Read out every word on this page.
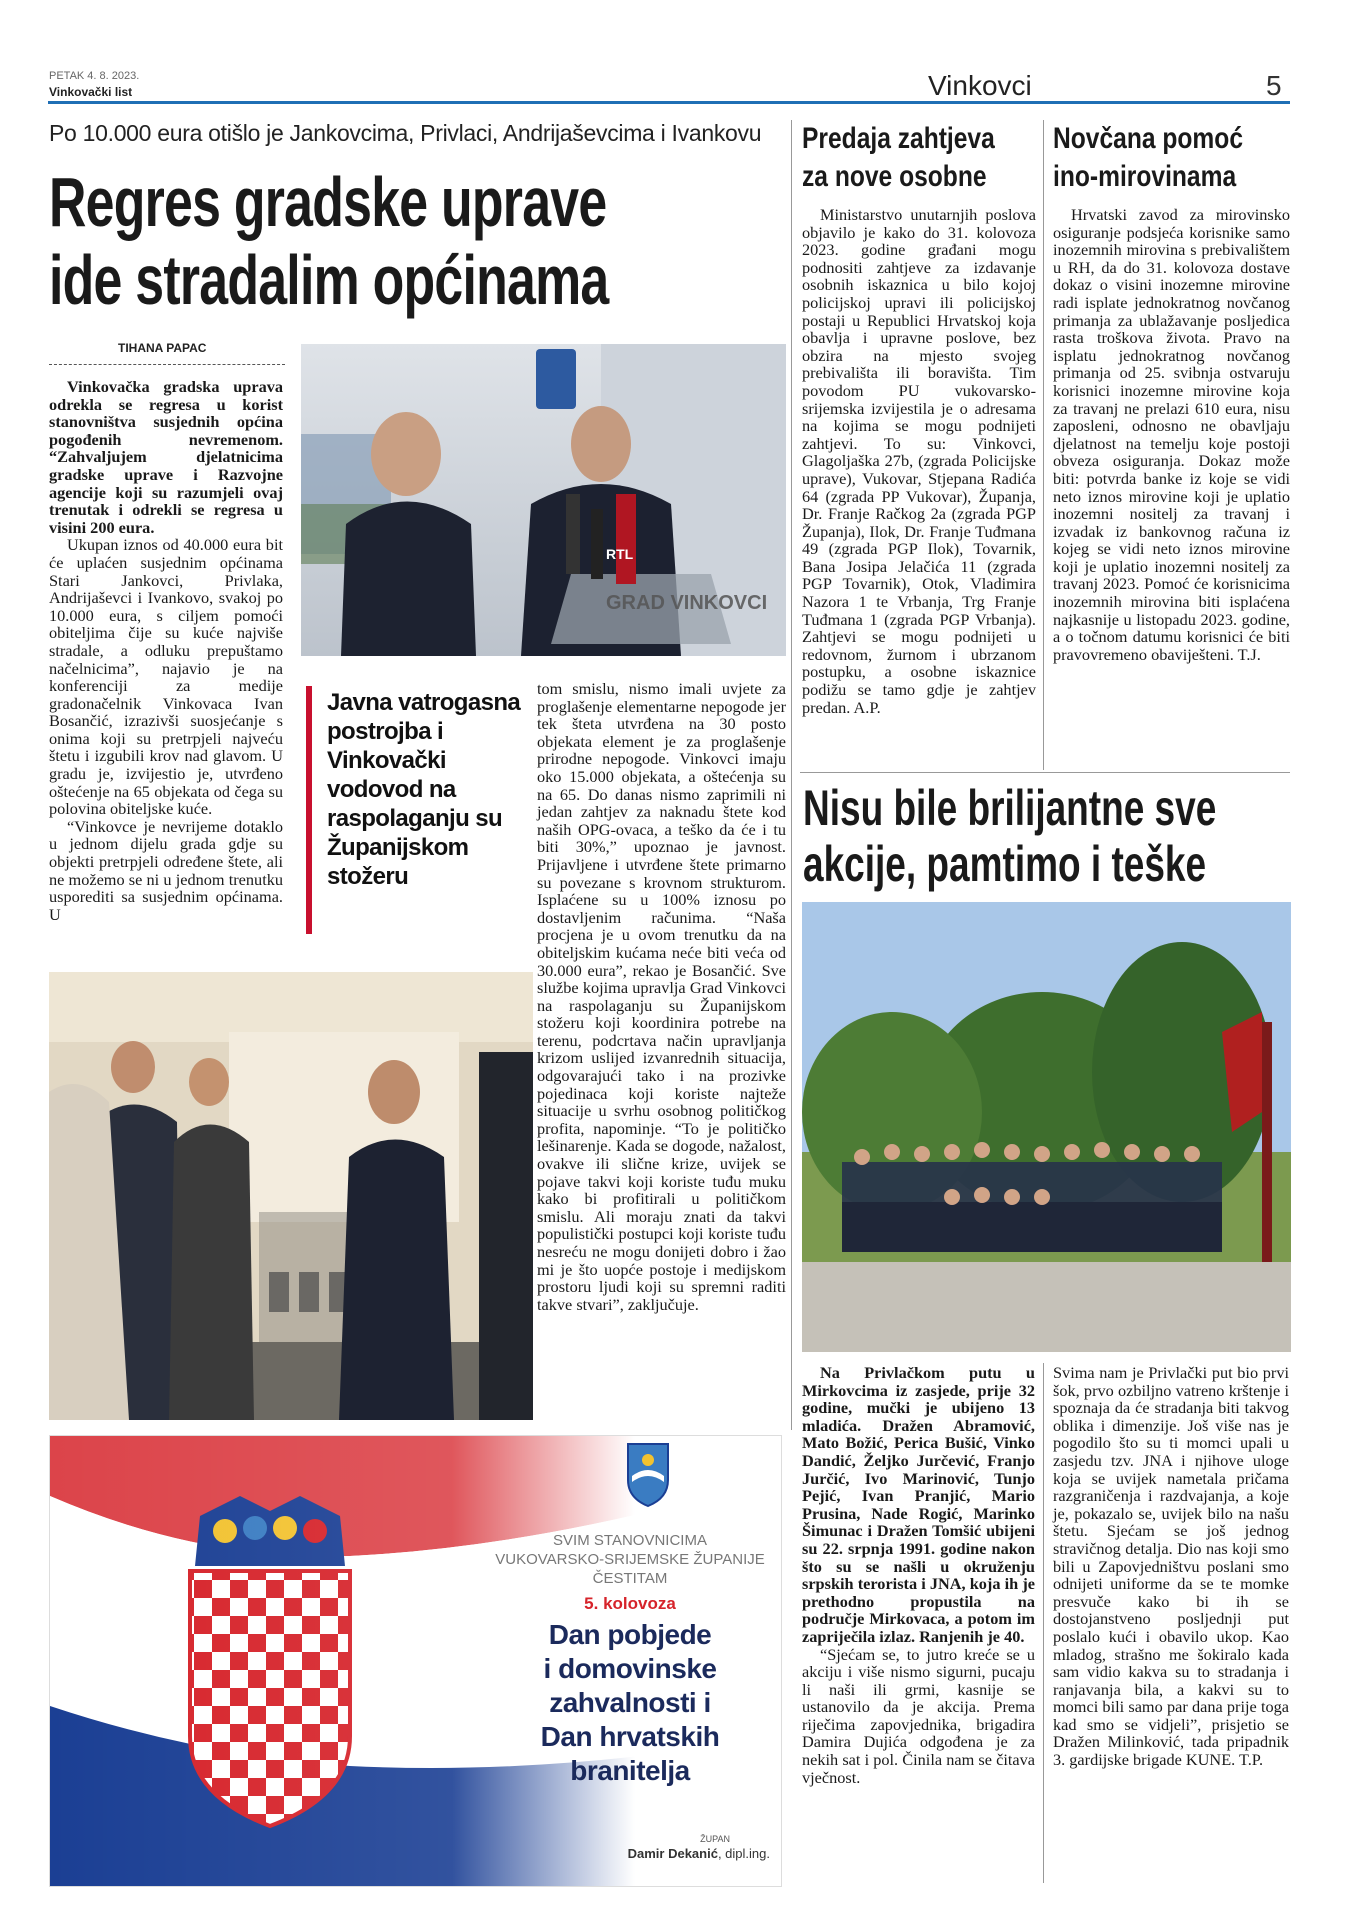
PETAK 4. 8. 2023.
Vinkovački list	Vinkovci	5
Po 10.000 eura otišlo je Jankovcima, Privlaci, Andrijaševcima i Ivankovu
Regres gradske uprave
ide stradalim općinama
TIHANA PAPAC

Vinkovačka gradska uprava odrekla se regresa u korist stanovništva susjednih općina pogođenih nevremenom. “Zahvaljujem djelatnicima gradske uprave i Razvojne agencije koji su razumjeli ovaj trenutak i odrekli se regresa u visini 200 eura.

Ukupan iznos od 40.000 eura bit će uplaćen susjednim općinama Stari Jankovci, Privlaka, Andrijaševci i Ivankovo, svakoj po 10.000 eura, s ciljem pomoći obiteljima čije su kuće najviše stradale, a odluku prepuštamo načelnicima”, najavio je na konferenciji za medije gradonačelnik Vinkovaca Ivan Bosančić, izrazivši suosjećanje s onima koji su pretrpjeli najveću štetu i izgubili krov nad glavom. U gradu je, izvijestio je, utvrđeno oštećenje na 65 objekata od čega su polovina obiteljske kuće.

“Vinkovce je nevrijeme dotaklo u jednom dijelu grada gdje su objekti pretrpjeli određene štete, ali ne možemo se ni u jednom trenutku usporediti sa susjednim općinama. U

RTL
GRAD VINKOVCI
Javna vatrogasna postrojba i Vinkovački vodovod na raspolaganju su Županijskom stožeru

tom smislu, nismo imali uvjete za proglašenje elementarne nepogode jer tek šteta utvrđena na 30 posto objekata element je za proglašenje prirodne nepogode. Vinkovci imaju oko 15.000 objekata, a oštećenja su na 65. Do danas nismo zaprimili ni jedan zahtjev za naknadu štete kod naših OPG-ovaca, a teško da će i tu biti 30%,” upoznao je javnost. Prijavljene i utvrđene štete primarno su povezane s krovnom strukturom. Isplaćene su u 100% iznosu po dostavljenim računima. “Naša procjena je u ovom trenutku da na obiteljskim kućama neće biti veća od 30.000 eura”, rekao je Bosančić. Sve službe kojima upravlja Grad Vinkovci na raspolaganju su Županijskom stožeru koji koordinira potrebe na terenu, podcrtava način upravljanja krizom uslijed izvanrednih situacija, odgovarajući tako i na prozivke pojedinaca koji koriste najteže situacije u svrhu osobnog političkog profita, napominje. “To je političko lešinarenje. Kada se dogode, nažalost, ovakve ili slične krize, uvijek se pojave takvi koji koriste tuđu muku kako bi profitirali u političkom smislu. Ali moraju znati da takvi populistički postupci koji koriste tuđu nesreću ne mogu donijeti dobro i žao mi je što uopće postoje i medijskom prostoru ljudi koji su spremni raditi takve stvari”, zaključuje.

Predaja zahtjeva
za nove osobne

Ministarstvo unutarnjih poslova objavilo je kako do 31. kolovoza 2023. godine građani mogu podnositi zahtjeve za izdavanje osobnih iskaznica u bilo kojoj policijskoj upravi ili policijskoj postaji u Republici Hrvatskoj koja obavlja i upravne poslove, bez obzira na mjesto svojeg prebivališta ili boravišta. Tim povodom PU vukovarsko-srijemska izvijestila je o adresama na kojima se mogu podnijeti zahtjevi. To su: Vinkovci, Glagoljaška 27b, (zgrada Policijske uprave), Vukovar, Stjepana Radića 64 (zgrada PP Vukovar), Županja, Dr. Franje Račkog 2a (zgrada PGP Županja), Ilok, Dr. Franje Tuđmana 49 (zgrada PGP Ilok), Tovarnik, Bana Josipa Jelačića 11 (zgrada PGP Tovarnik), Otok, Vladimira Nazora 1 te Vrbanja, Trg Franje Tuđmana 1 (zgrada PGP Vrbanja). Zahtjevi se mogu podnijeti u redovnom, žurnom i ubrzanom postupku, a osobne iskaznice podižu se tamo gdje je zahtjev predan. A.P.

Novčana pomoć
ino-mirovinama

Hrvatski zavod za mirovinsko osiguranje podsjeća korisnike samo inozemnih mirovina s prebivalištem u RH, da do 31. kolovoza dostave dokaz o visini inozemne mirovine radi isplate jednokratnog novčanog primanja za ublažavanje posljedica rasta troškova života. Pravo na isplatu jednokratnog novčanog primanja od 25. svibnja ostvaruju korisnici inozemne mirovine koja za travanj ne prelazi 610 eura, nisu zaposleni, odnosno ne obavljaju djelatnost na temelju koje postoji obveza osiguranja. Dokaz može biti: potvrda banke iz koje se vidi neto iznos mirovine koji je uplatio inozemni nositelj za travanj i izvadak iz bankovnog računa iz kojeg se vidi neto iznos mirovine koji je uplatio inozemni nositelj za travanj 2023. Pomoć će korisnicima inozemnih mirovina biti isplaćena najkasnije u listopadu 2023. godine, a o točnom datumu korisnici će biti pravovremeno obaviješteni. T.J.

Nisu bile brilijantne sve
akcije, pamtimo i teške

Na Privlačkom putu u Mirkovcima iz zasjede, prije 32 godine, mučki je ubijeno 13 mladića. Dražen Abramović, Mato Božić, Perica Bušić, Vinko Dandić, Željko Jurčević, Franjo Jurčić, Ivo Marinović, Tunjo Pejić, Ivan Pranjić, Mario Prusina, Nade Rogić, Marinko Šimunac i Dražen Tomšić ubijeni su 22. srpnja 1991. godine nakon što su se našli u okruženju srpskih terorista i JNA, koja ih je prethodno propustila na područje Mirkovaca, a potom im zapriječila izlaz. Ranjenih je 40.

“Sjećam se, to jutro kreće se u akciju i više nismo sigurni, pucaju li naši ili grmi, kasnije se ustanovilo da je akcija. Prema riječima zapovjednika, brigadira Damira Dujića odgođena je za nekih sat i pol. Činila nam se čitava vječnost.

Svima nam je Privlački put bio prvi šok, prvo ozbiljno vatreno krštenje i spoznaja da će stradanja biti takvog oblika i dimenzije. Još više nas je pogodilo što su ti momci upali u zasjedu tzv. JNA i njihove uloge koja se uvijek nametala pričama razgraničenja i razdvajanja, a koje je, pokazalo se, uvijek bilo na našu štetu. Sjećam se još jednog stravičnog detalja. Dio nas koji smo bili u Zapovjedništvu poslani smo odnijeti uniforme da se te momke presvuče kako bi ih se dostojanstveno posljednji put poslalo kući i obavilo ukop. Kao mladog, strašno me šokiralo kada sam vidio kakva su to stradanja i ranjavanja bila, a kakvi su to momci bili samo par dana prije toga kad smo se vidjeli”, prisjetio se Dražen Milinković, tada pripadnik 3. gardijske brigade KUNE. T.P.

SVIM STANOVNICIMA
VUKOVARSKO-SRIJEMSKE ŽUPANIJE
ČESTITAM
5. kolovoza
Dan pobjede
i domovinske
zahvalnosti i
Dan hrvatskih
branitelja
ŽUPAN
Damir Dekanić, dipl.ing.
